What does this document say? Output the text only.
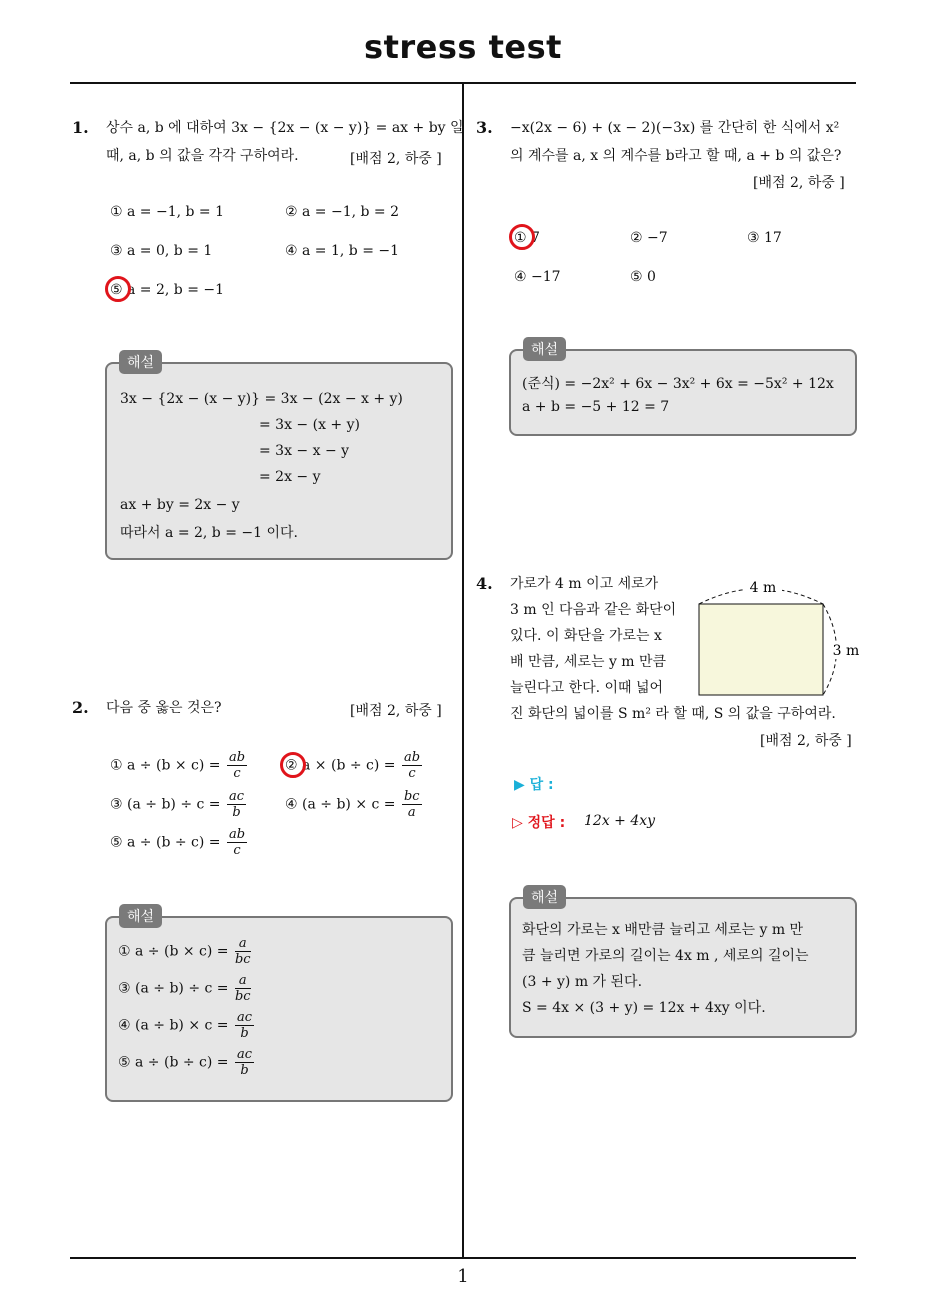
stress test
1. 상수 a, b 에 대하여 3x − {2x − (x − y)} = ax + by 일
때, a, b 의 값을 각각 구하여라.	[배점 2, 하중 ]
① a = −1, b = 1	② a = −1, b = 2
③ a = 0, b = 1	④ a = 1, b = −1
⑤ a = 2, b = −1
해설
3x − {2x − (x − y)} = 3x − (2x − x + y)
= 3x − (x + y)
= 3x − x − y
= 2x − y
ax + by = 2x − y
따라서 a = 2, b = −1 이다.
2. 다음 중 옳은 것은?	[배점 2, 하중 ]
① $a \div (b \times c) = \frac{ab}{c}$	② $a \times (b \div c) = \frac{ab}{c}$
③ $(a \div b) \div c = \frac{ac}{b}$	④ $(a \div b) \times c = \frac{bc}{a}$
⑤ $a \div (b \div c) = \frac{ab}{c}$
해설
① $a \div (b \times c) = \frac{a}{bc}$
③ $(a \div b) \div c = \frac{a}{bc}$
④ $(a \div b) \times c = \frac{ac}{b}$
⑤ $a \div (b \div c) = \frac{ac}{b}$
3. −x(2x − 6) + (x − 2)(−3x) 를 간단히 한 식에서 x²
의 계수를 a, x 의 계수를 b라고 할 때, a + b 의 값은?
[배점 2, 하중 ]
① 7	② −7	③ 17
④ −17	⑤ 0
해설
(준식) = −2x² + 6x − 3x² + 6x = −5x² + 12x
a + b = −5 + 12 = 7
4. 가로가 4 m 이고 세로가
3 m 인 다음과 같은 화단이
있다. 이 화단을 가로는 x
배 만큼, 세로는 y m 만큼
늘린다고 한다. 이때 넓어
진 화단의 넓이를 S m² 라 할 때, S 의 값을 구하여라.
[배점 2, 하중 ]
4 m
3 m
▶ 답 :
▷ 정답 : 12x + 4xy
해설
화단의 가로는 x 배만큼 늘리고 세로는 y m 만
큼 늘리면 가로의 길이는 4x m , 세로의 길이는
(3 + y) m 가 된다.
S = 4x × (3 + y) = 12x + 4xy 이다.
1
